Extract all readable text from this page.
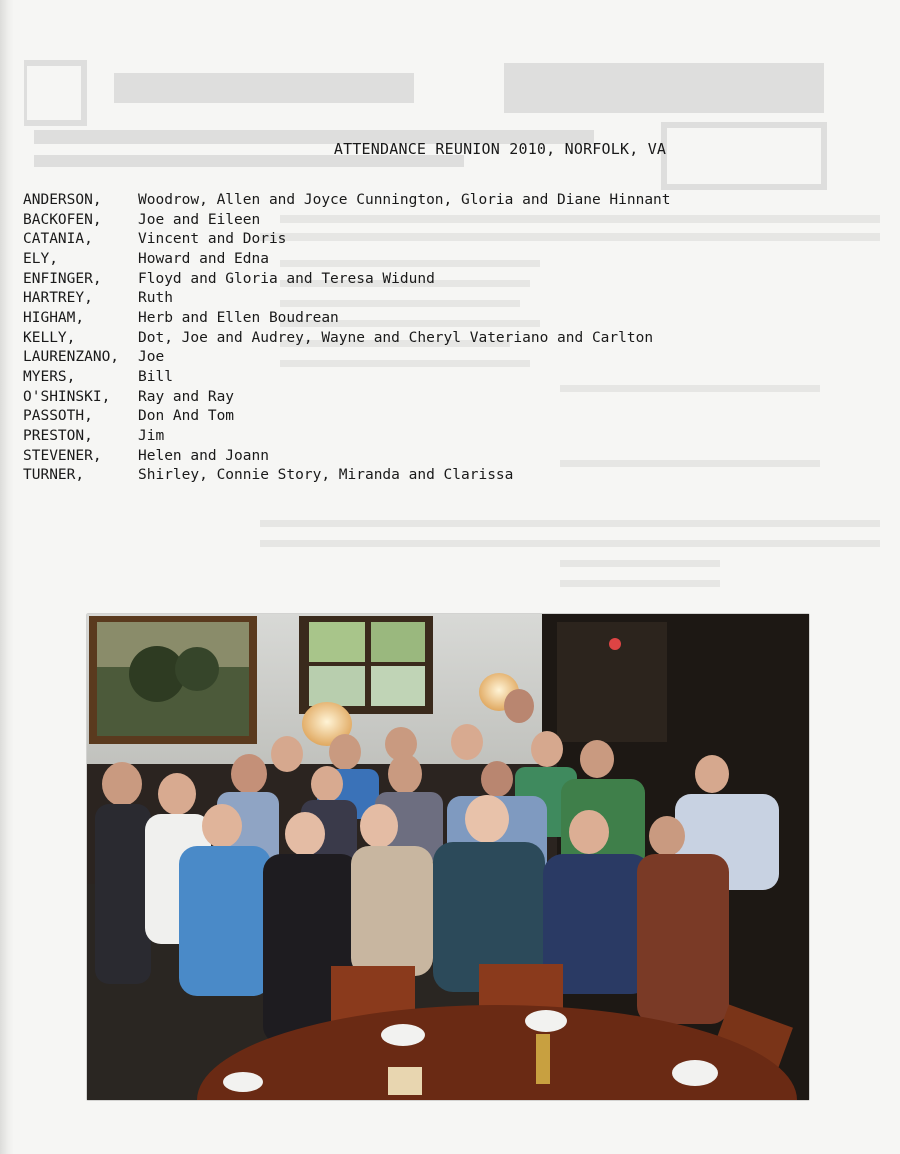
ATTENDANCE REUNION 2010, NORFOLK, VA
ANDERSON,	Woodrow, Allen and Joyce Cunnington, Gloria and Diane Hinnant
BACKOFEN,	Joe and Eileen
CATANIA,	Vincent and Doris
ELY,	Howard and Edna
ENFINGER,	Floyd and Gloria and Teresa Widund
HARTREY,	Ruth
HIGHAM,	Herb and Ellen Boudrean
KELLY,	Dot, Joe and Audrey, Wayne and Cheryl Vateriano and Carlton
LAURENZANO,	Joe
MYERS,	Bill
O'SHINSKI,	Ray and Ray
PASSOTH,	Don And Tom
PRESTON,	Jim
STEVENER,	Helen and Joann
TURNER,	Shirley, Connie Story, Miranda and Clarissa
